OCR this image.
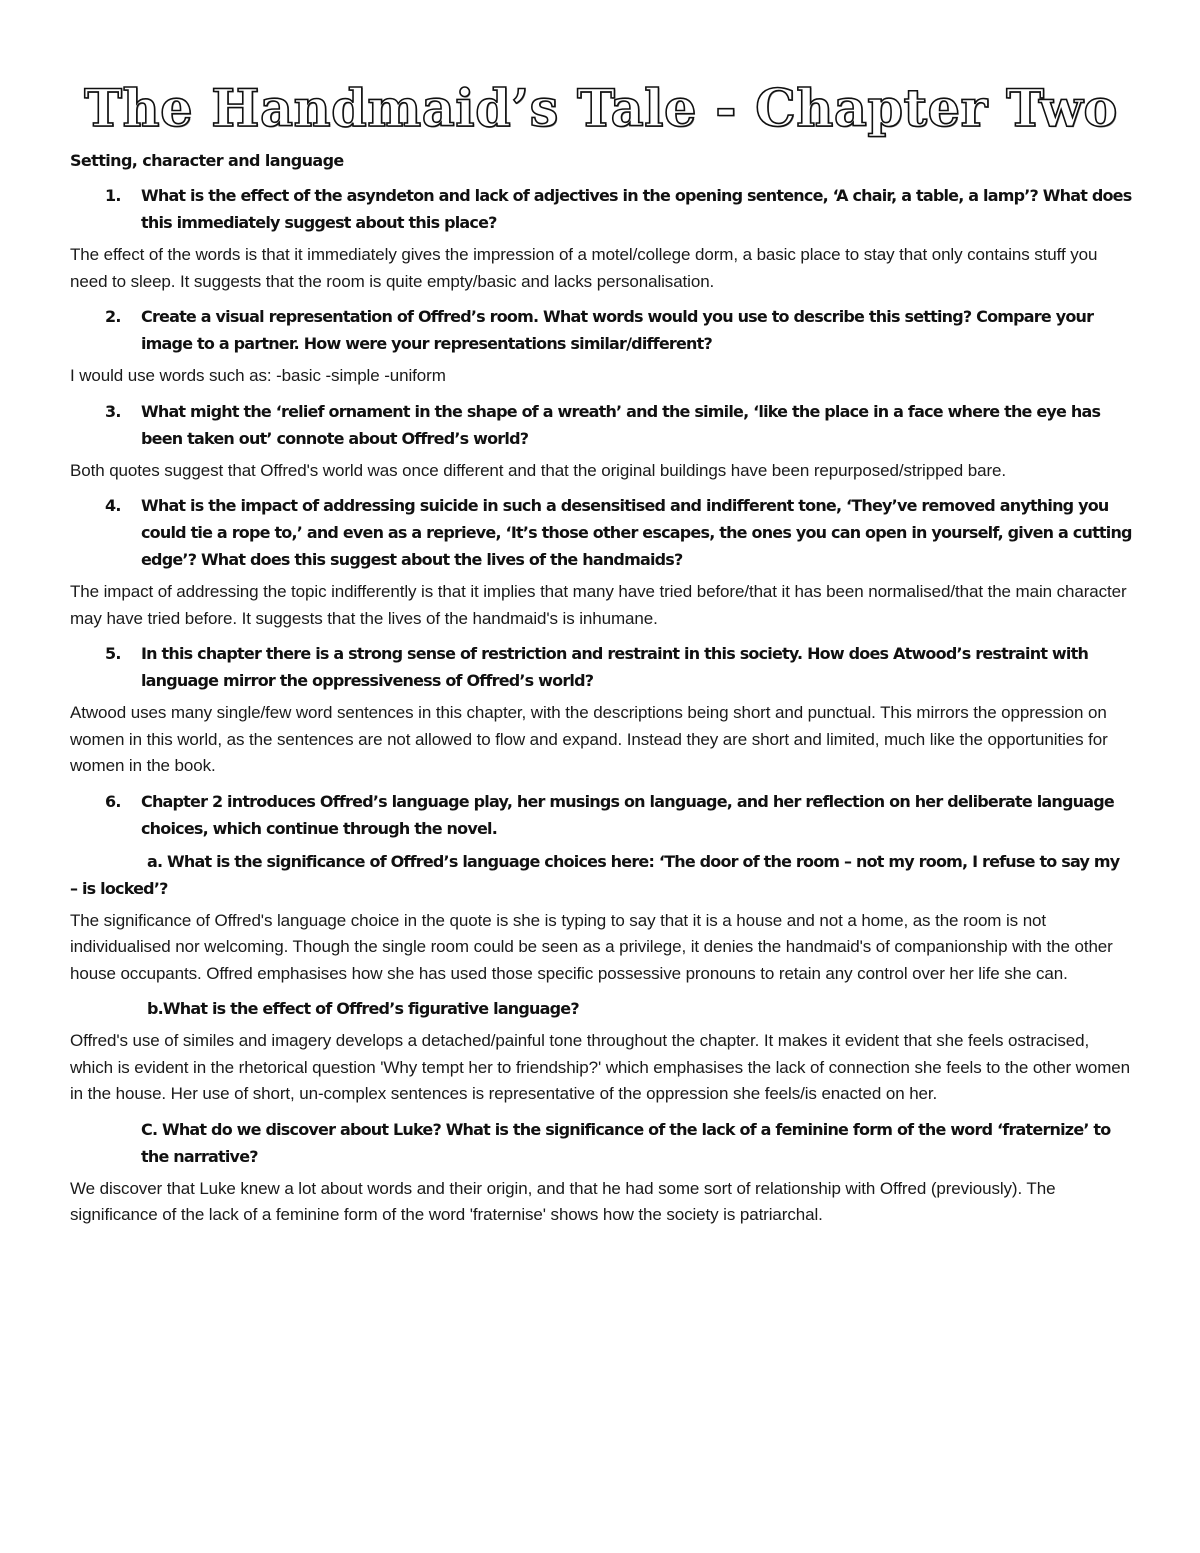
The Handmaid’s Tale - Chapter Two
Setting, character and language
1.	What is the effect of the asyndeton and lack of adjectives in the opening sentence, ‘A chair, a table, a lamp’? What does this immediately suggest about this place?
The effect of the words is that it immediately gives the impression of a motel/college dorm, a basic place to stay that only contains stuff you need to sleep. It suggests that the room is quite empty/basic and lacks personalisation.
2.	Create a visual representation of Offred’s room. What words would you use to describe this setting? Compare your image to a partner. How were your representations similar/different?
I would use words such as: -basic -simple -uniform
3.	What might the ‘relief ornament in the shape of a wreath’ and the simile, ‘like the place in a face where the eye has been taken out’ connote about Offred’s world?
Both quotes suggest that Offred's world was once different and that the original buildings have been repurposed/stripped bare.
4.	What is the impact of addressing suicide in such a desensitised and indifferent tone, ‘They’ve removed anything you could tie a rope to,’ and even as a reprieve, ‘It’s those other escapes, the ones you can open in yourself, given a cutting edge’? What does this suggest about the lives of the handmaids?
The impact of addressing the topic indifferently is that it implies that many have tried before/that it has been normalised/that the main character may have tried before. It suggests that the lives of the handmaid's is inhumane.
5.	In this chapter there is a strong sense of restriction and restraint in this society. How does Atwood’s restraint with language mirror the oppressiveness of Offred’s world?
Atwood uses many single/few word sentences in this chapter, with the descriptions being short and punctual. This mirrors the oppression on women in this world, as the sentences are not allowed to flow and expand. Instead they are short and limited, much like the opportunities for women in the book.
6.	Chapter 2 introduces Offred’s language play, her musings on language, and her reflection on her deliberate language choices, which continue through the novel.
a. What is the significance of Offred’s language choices here: ‘The door of the room – not my room, I refuse to say my – is locked’?
The significance of Offred's language choice in the quote is she is typing to say that it is a house and not a home, as the room is not individualised nor welcoming. Though the single room could be seen as a privilege, it denies the handmaid's of companionship with the other house occupants. Offred emphasises how she has used those specific possessive pronouns to retain any control over her life she can.
b.What is the effect of Offred’s figurative language?
Offred's use of similes and imagery develops a detached/painful tone throughout the chapter. It makes it evident that she feels ostracised, which is evident in the rhetorical question 'Why tempt her to friendship?' which emphasises the lack of connection she feels to the other women in the house. Her use of short, un-complex sentences is representative of the oppression she feels/is enacted on her.
C. What do we discover about Luke? What is the significance of the lack of a feminine form of the word ‘fraternize’ to the narrative?
We discover that Luke knew a lot about words and their origin, and that he had some sort of relationship with Offred (previously). The significance of the lack of a feminine form of the word 'fraternise' shows how the society is patriarchal.
